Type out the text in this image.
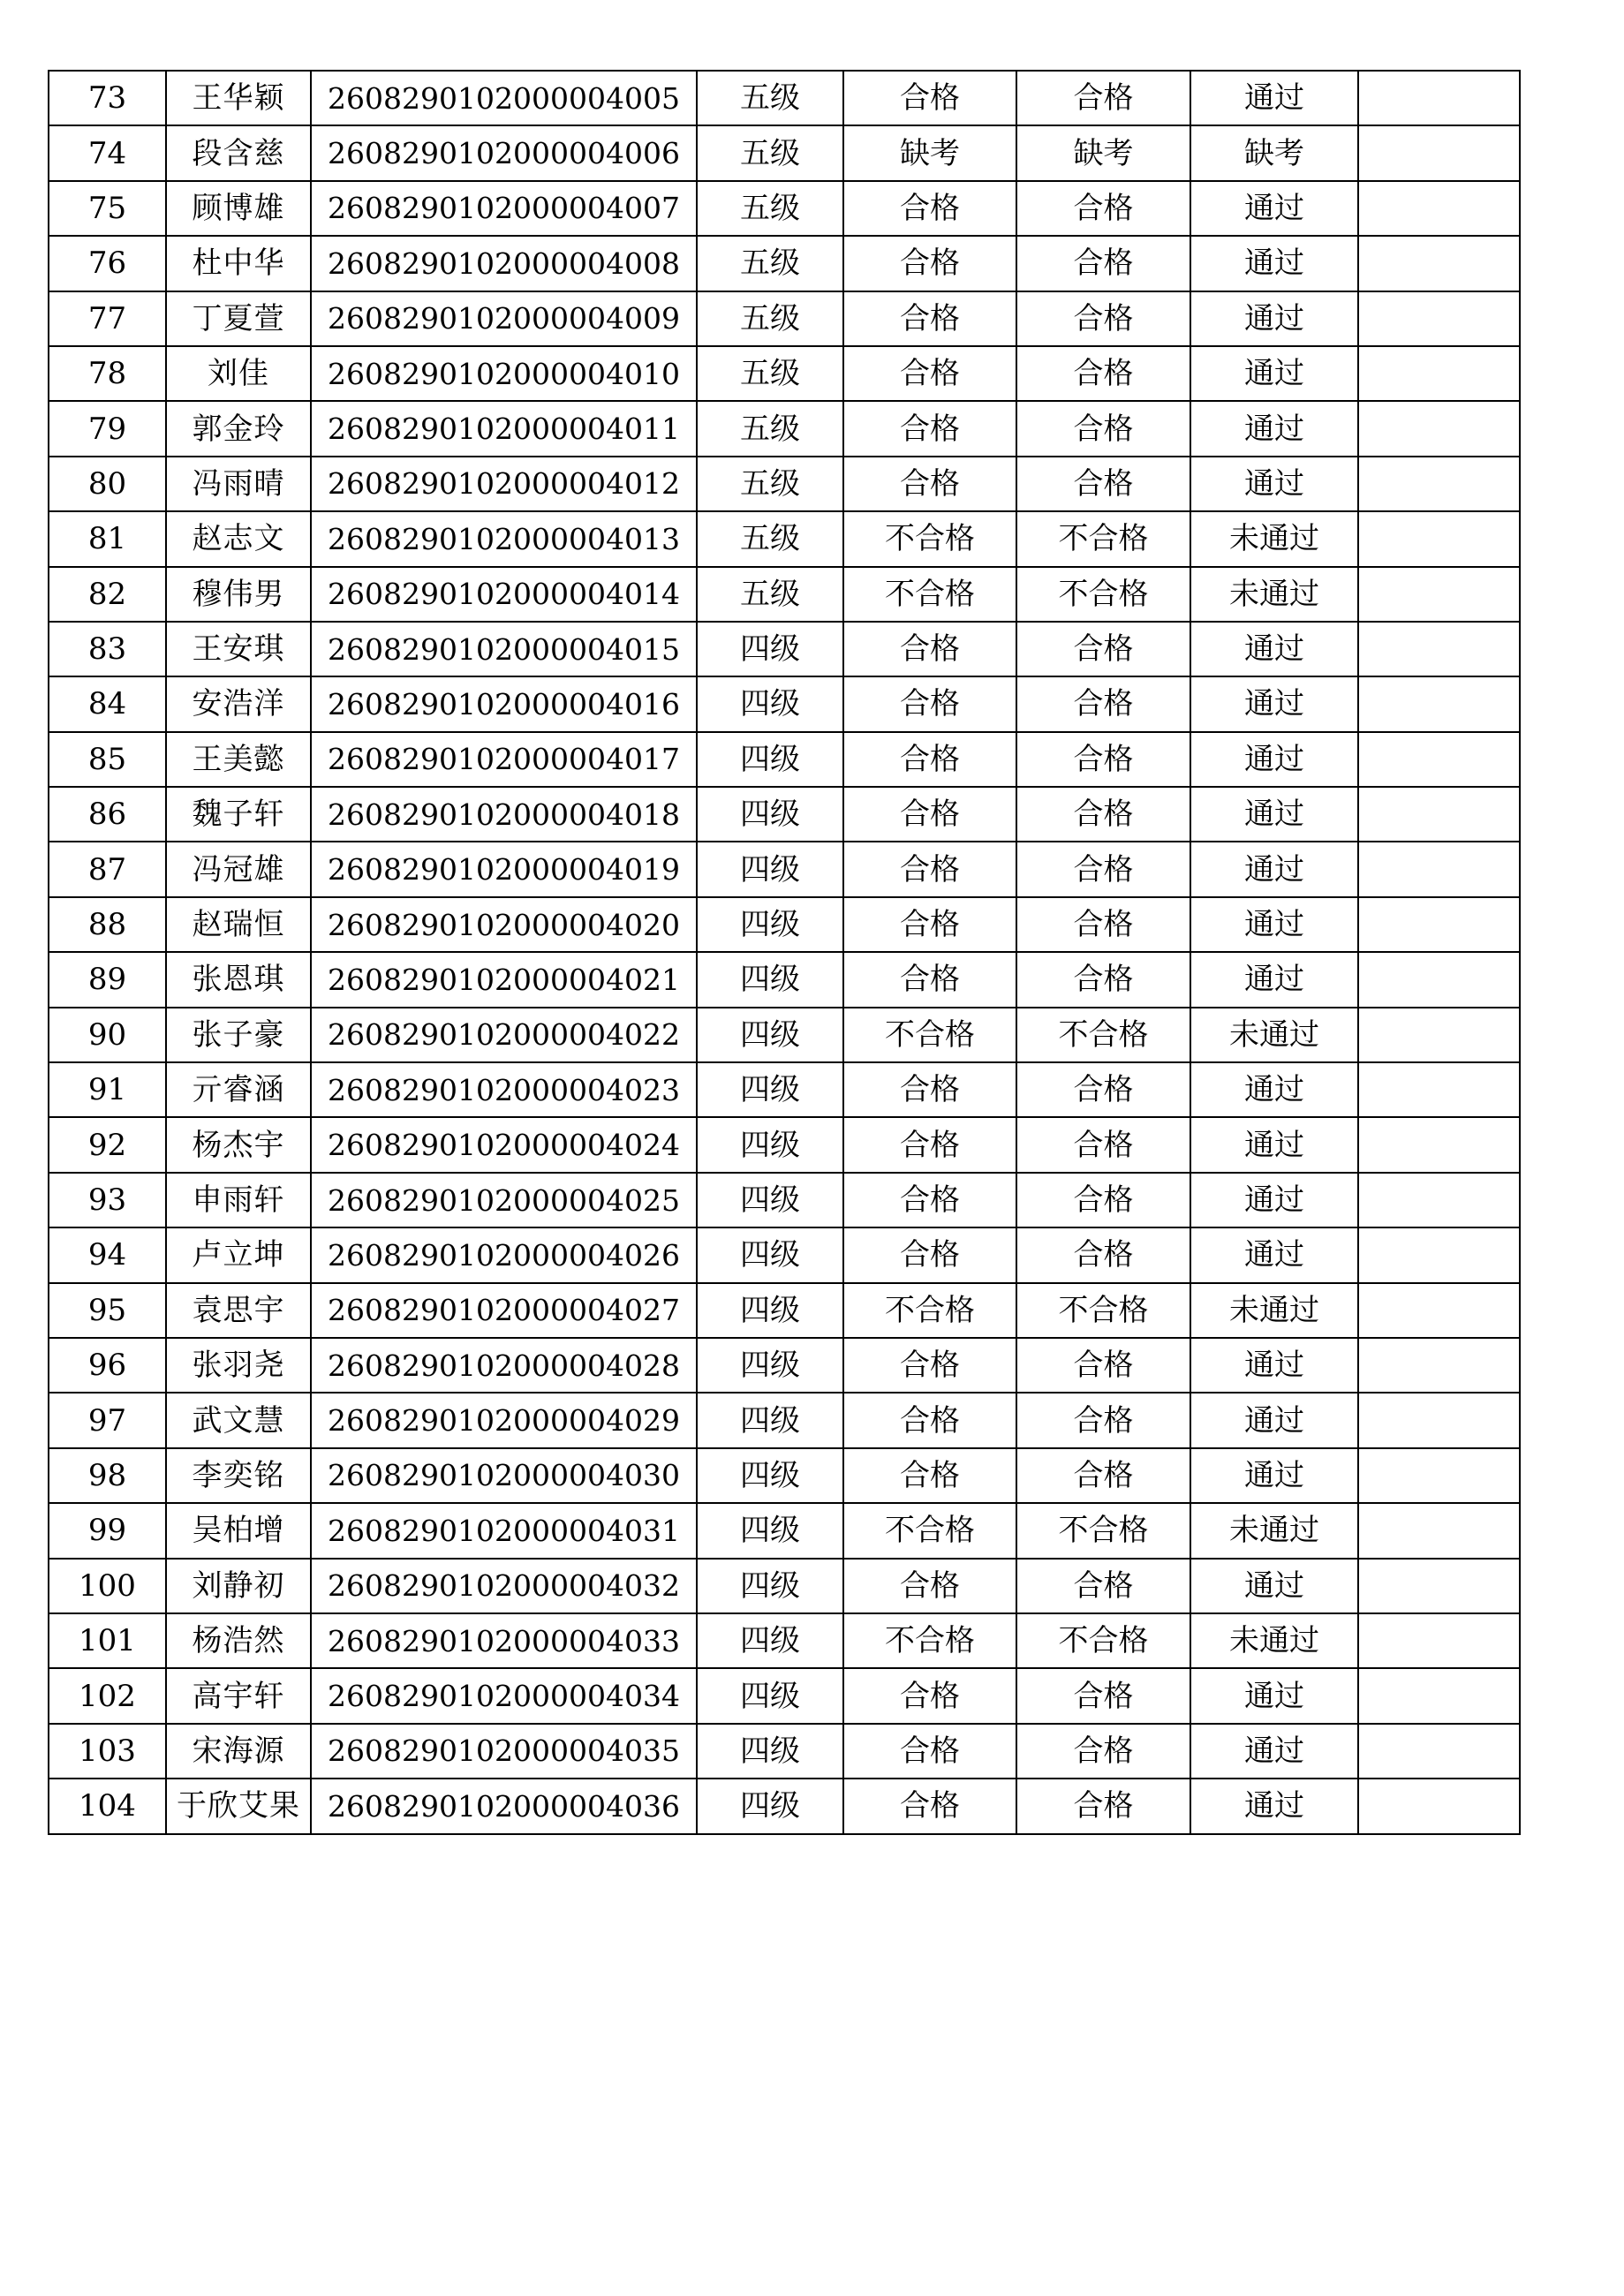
73	王华颖	2608290102000004005	五级	合格	合格	通过	
74	段含慈	2608290102000004006	五级	缺考	缺考	缺考	
75	顾博雄	2608290102000004007	五级	合格	合格	通过	
76	杜中华	2608290102000004008	五级	合格	合格	通过	
77	丁夏萱	2608290102000004009	五级	合格	合格	通过	
78	刘佳	2608290102000004010	五级	合格	合格	通过	
79	郭金玲	2608290102000004011	五级	合格	合格	通过	
80	冯雨晴	2608290102000004012	五级	合格	合格	通过	
81	赵志文	2608290102000004013	五级	不合格	不合格	未通过	
82	穆伟男	2608290102000004014	五级	不合格	不合格	未通过	
83	王安琪	2608290102000004015	四级	合格	合格	通过	
84	安浩洋	2608290102000004016	四级	合格	合格	通过	
85	王美懿	2608290102000004017	四级	合格	合格	通过	
86	魏子轩	2608290102000004018	四级	合格	合格	通过	
87	冯冠雄	2608290102000004019	四级	合格	合格	通过	
88	赵瑞恒	2608290102000004020	四级	合格	合格	通过	
89	张恩琪	2608290102000004021	四级	合格	合格	通过	
90	张子豪	2608290102000004022	四级	不合格	不合格	未通过	
91	亓睿涵	2608290102000004023	四级	合格	合格	通过	
92	杨杰宇	2608290102000004024	四级	合格	合格	通过	
93	申雨轩	2608290102000004025	四级	合格	合格	通过	
94	卢立坤	2608290102000004026	四级	合格	合格	通过	
95	袁思宇	2608290102000004027	四级	不合格	不合格	未通过	
96	张羽尧	2608290102000004028	四级	合格	合格	通过	
97	武文慧	2608290102000004029	四级	合格	合格	通过	
98	李奕铭	2608290102000004030	四级	合格	合格	通过	
99	吴柏增	2608290102000004031	四级	不合格	不合格	未通过	
100	刘静初	2608290102000004032	四级	合格	合格	通过	
101	杨浩然	2608290102000004033	四级	不合格	不合格	未通过	
102	高宇轩	2608290102000004034	四级	合格	合格	通过	
103	宋海源	2608290102000004035	四级	合格	合格	通过	
104	于欣艾果	2608290102000004036	四级	合格	合格	通过	
